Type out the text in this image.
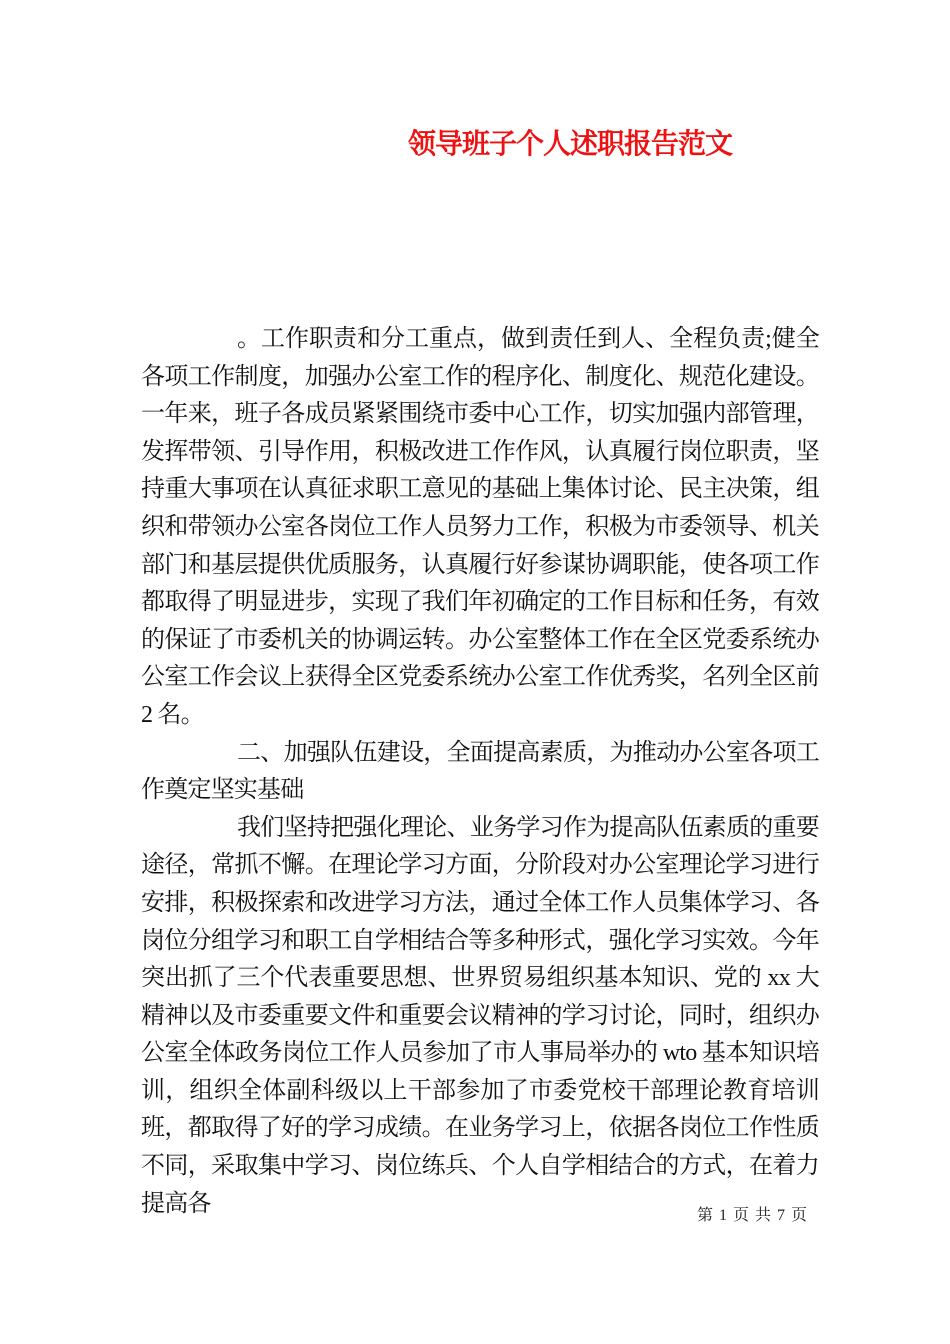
领导班子个人述职报告范文

。工作职责和分工重点，做到责任到人、全程负责;健全各项工作制度，加强办公室工作的程序化、制度化、规范化建设。一年来，班子各成员紧紧围绕市委中心工作，切实加强内部管理，发挥带领、引导作用，积极改进工作作风，认真履行岗位职责，坚持重大事项在认真征求职工意见的基础上集体讨论、民主决策，组织和带领办公室各岗位工作人员努力工作，积极为市委领导、机关部门和基层提供优质服务，认真履行好参谋协调职能，使各项工作都取得了明显进步，实现了我们年初确定的工作目标和任务，有效的保证了市委机关的协调运转。办公室整体工作在全区党委系统办公室工作会议上获得全区党委系统办公室工作优秀奖，名列全区前 2 名。

二、加强队伍建设，全面提高素质，为推动办公室各项工作奠定坚实基础

我们坚持把强化理论、业务学习作为提高队伍素质的重要途径，常抓不懈。在理论学习方面，分阶段对办公室理论学习进行安排，积极探索和改进学习方法，通过全体工作人员集体学习、各岗位分组学习和职工自学相结合等多种形式，强化学习实效。今年突出抓了三个代表重要思想、世界贸易组织基本知识、党的 xx 大精神以及市委重要文件和重要会议精神的学习讨论，同时，组织办公室全体政务岗位工作人员参加了市人事局举办的 wto 基本知识培训，组织全体副科级以上干部参加了市委党校干部理论教育培训班，都取得了好的学习成绩。在业务学习上，依据各岗位工作性质不同，采取集中学习、岗位练兵、个人自学相结合的方式，在着力提高各	第 1 页 共 7 页
